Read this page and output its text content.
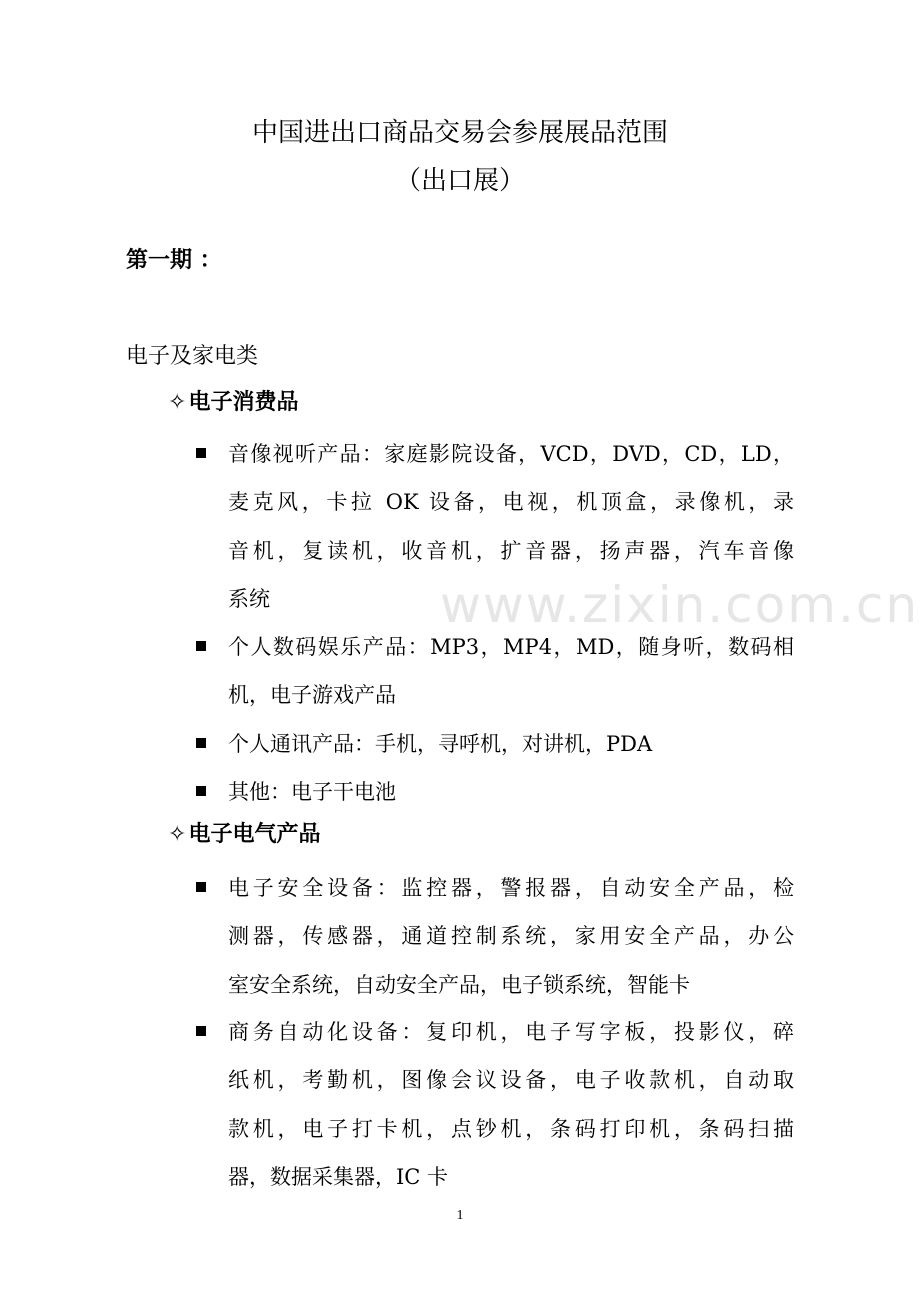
www.zixin.com.cn
中国进出口商品交易会参展展品范围
（出口展）
第一期 ：
电子及家电类
✧电子消费品
音像视听产品：家庭影院设备，VCD，DVD，CD，LD，
麦克风，卡拉 OK 设备，电视，机顶盒，录像机，录
音机，复读机，收音机，扩音器，扬声器，汽车音像
系统
个人数码娱乐产品：MP3，MP4，MD，随身听，数码相
机，电子游戏产品
个人通讯产品：手机，寻呼机，对讲机，PDA
其他：电子干电池
✧电子电气产品
电子安全设备：监控器，警报器，自动安全产品，检
测器，传感器，通道控制系统，家用安全产品，办公
室安全系统，自动安全产品，电子锁系统，智能卡
商务自动化设备：复印机，电子写字板，投影仪，碎
纸机，考勤机，图像会议设备，电子收款机，自动取
款机，电子打卡机，点钞机，条码打印机，条码扫描
器，数据采集器，IC 卡
1
